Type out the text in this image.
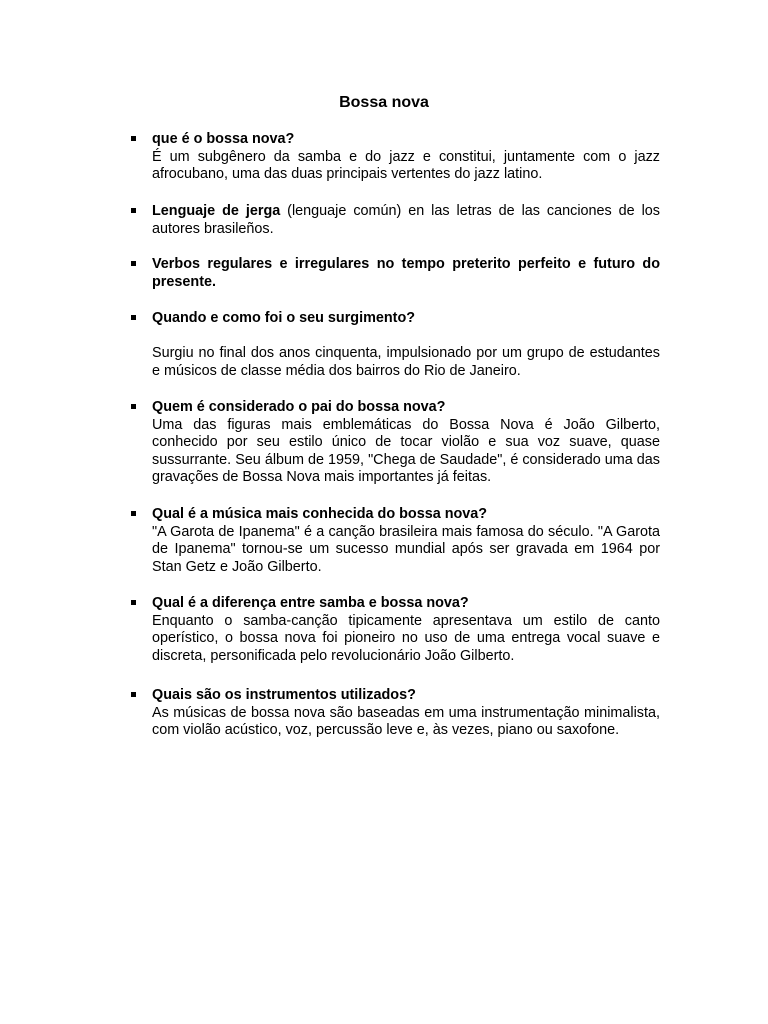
Bossa nova
que é o bossa nova?
É um subgênero da samba e do jazz e constitui, juntamente com o jazz afrocubano, uma das duas principais vertentes do jazz latino.
Lenguaje de jerga (lenguaje común) en las letras de las canciones de los autores brasileños.
Verbos regulares e irregulares no tempo preterito perfeito e futuro do presente.
Quando e como foi o seu surgimento?
Surgiu no final dos anos cinquenta, impulsionado por um grupo de estudantes e músicos de classe média dos bairros do Rio de Janeiro.
Quem é considerado o pai do bossa nova?
Uma das figuras mais emblemáticas do Bossa Nova é João Gilberto, conhecido por seu estilo único de tocar violão e sua voz suave, quase sussurrante. Seu álbum de 1959, "Chega de Saudade", é considerado uma das gravações de Bossa Nova mais importantes já feitas.
Qual é a música mais conhecida do bossa nova?
"A Garota de Ipanema" é a canção brasileira mais famosa do século. "A Garota de Ipanema" tornou-se um sucesso mundial após ser gravada em 1964 por Stan Getz e João Gilberto.
Qual é a diferença entre samba e bossa nova?
Enquanto o samba-canção tipicamente apresentava um estilo de canto operístico, o bossa nova foi pioneiro no uso de uma entrega vocal suave e discreta, personificada pelo revolucionário João Gilberto.
Quais são os instrumentos utilizados?
As músicas de bossa nova são baseadas em uma instrumentação minimalista, com violão acústico, voz, percussão leve e, às vezes, piano ou saxofone.
